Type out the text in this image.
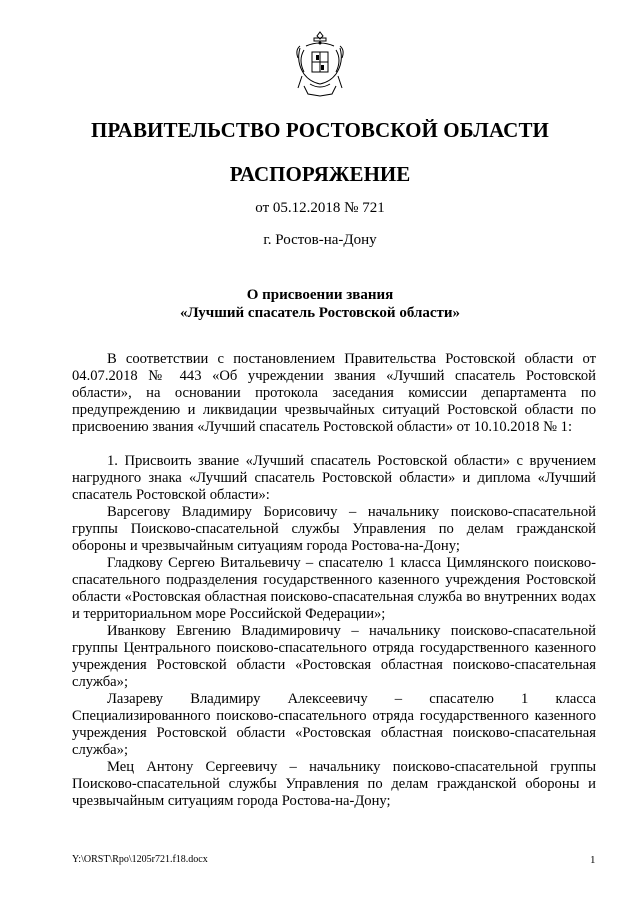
ПРАВИТЕЛЬСТВО РОСТОВСКОЙ ОБЛАСТИ
РАСПОРЯЖЕНИЕ
от 05.12.2018 № 721
г. Ростов-на-Дону
О присвоении звания
«Лучший спасатель Ростовской области»

В соответствии с постановлением Правительства Ростовской области от 04.07.2018 № 443 «Об учреждении звания «Лучший спасатель Ростовской области», на основании протокола заседания комиссии департамента по предупреждению и ликвидации чрезвычайных ситуаций Ростовской области по присвоению звания «Лучший спасатель Ростовской области» от 10.10.2018 № 1:

1. Присвоить звание «Лучший спасатель Ростовской области» с вручением нагрудного знака «Лучший спасатель Ростовской области» и диплома «Лучший спасатель Ростовской области»:

Варсегову Владимиру Борисовичу – начальнику поисково-спасательной группы Поисково-спасательной службы Управления по делам гражданской обороны и чрезвычайным ситуациям города Ростова-на-Дону;

Гладкову Сергею Витальевичу – спасателю 1 класса Цимлянского поисково-спасательного подразделения государственного казенного учреждения Ростовской области «Ростовская областная поисково-спасательная служба во внутренних водах и территориальном море Российской Федерации»;

Иванкову Евгению Владимировичу – начальнику поисково-спасательной группы Центрального поисково-спасательного отряда государственного казенного учреждения Ростовской области «Ростовская областная поисково-спасательная служба»;

Лазареву Владимиру Алексеевичу – спасателю 1 класса Специализированного поисково-спасательного отряда государственного казенного учреждения Ростовской области «Ростовская областная поисково-спасательная служба»;

Мец Антону Сергеевичу – начальнику поисково-спасательной группы Поисково-спасательной службы Управления по делам гражданской обороны и чрезвычайным ситуациям города Ростова-на-Дону;

Y:\ORST\Rpo\1205r721.f18.docx	1
